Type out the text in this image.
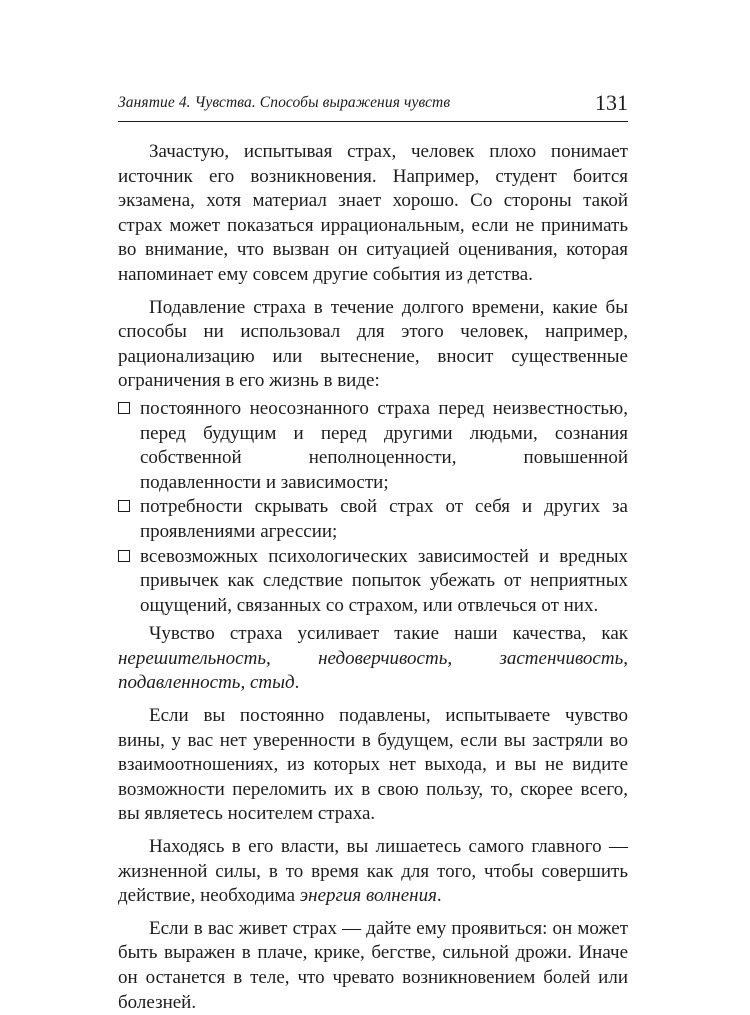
Занятие 4. Чувства. Способы выражения чувств	131

Зачастую, испытывая страх, человек плохо понимает источник его возникновения. Например, студент боится экзамена, хотя материал знает хорошо. Со стороны такой страх может показаться иррациональным, если не принимать во внимание, что вызван он ситуацией оценивания, которая напоминает ему совсем другие события из детства.

Подавление страха в течение долгого времени, какие бы способы ни использовал для этого человек, например, рационализацию или вытеснение, вносит существенные ограничения в его жизнь в виде:

постоянного неосознанного страха перед неизвестностью, перед будущим и перед другими людьми, сознания собственной неполноценности, повышенной подавленности и зависимости;
потребности скрывать свой страх от себя и других за проявлениями агрессии;
всевозможных психологических зависимостей и вредных привычек как следствие попыток убежать от неприятных ощущений, связанных со страхом, или отвлечься от них.

Чувство страха усиливает такие наши качества, как нерешительность, недоверчивость, застенчивость, подавленность, стыд.

Если вы постоянно подавлены, испытываете чувство вины, у вас нет уверенности в будущем, если вы застряли во взаимоотношениях, из которых нет выхода, и вы не видите возможности переломить их в свою пользу, то, скорее всего, вы являетесь носителем страха.

Находясь в его власти, вы лишаетесь самого главного — жизненной силы, в то время как для того, чтобы совершить действие, необходима энергия волнения.

Если в вас живет страх — дайте ему проявиться: он может быть выражен в плаче, крике, бегстве, сильной дрожи. Иначе он останется в теле, что чревато возникновением болей или болезней.
